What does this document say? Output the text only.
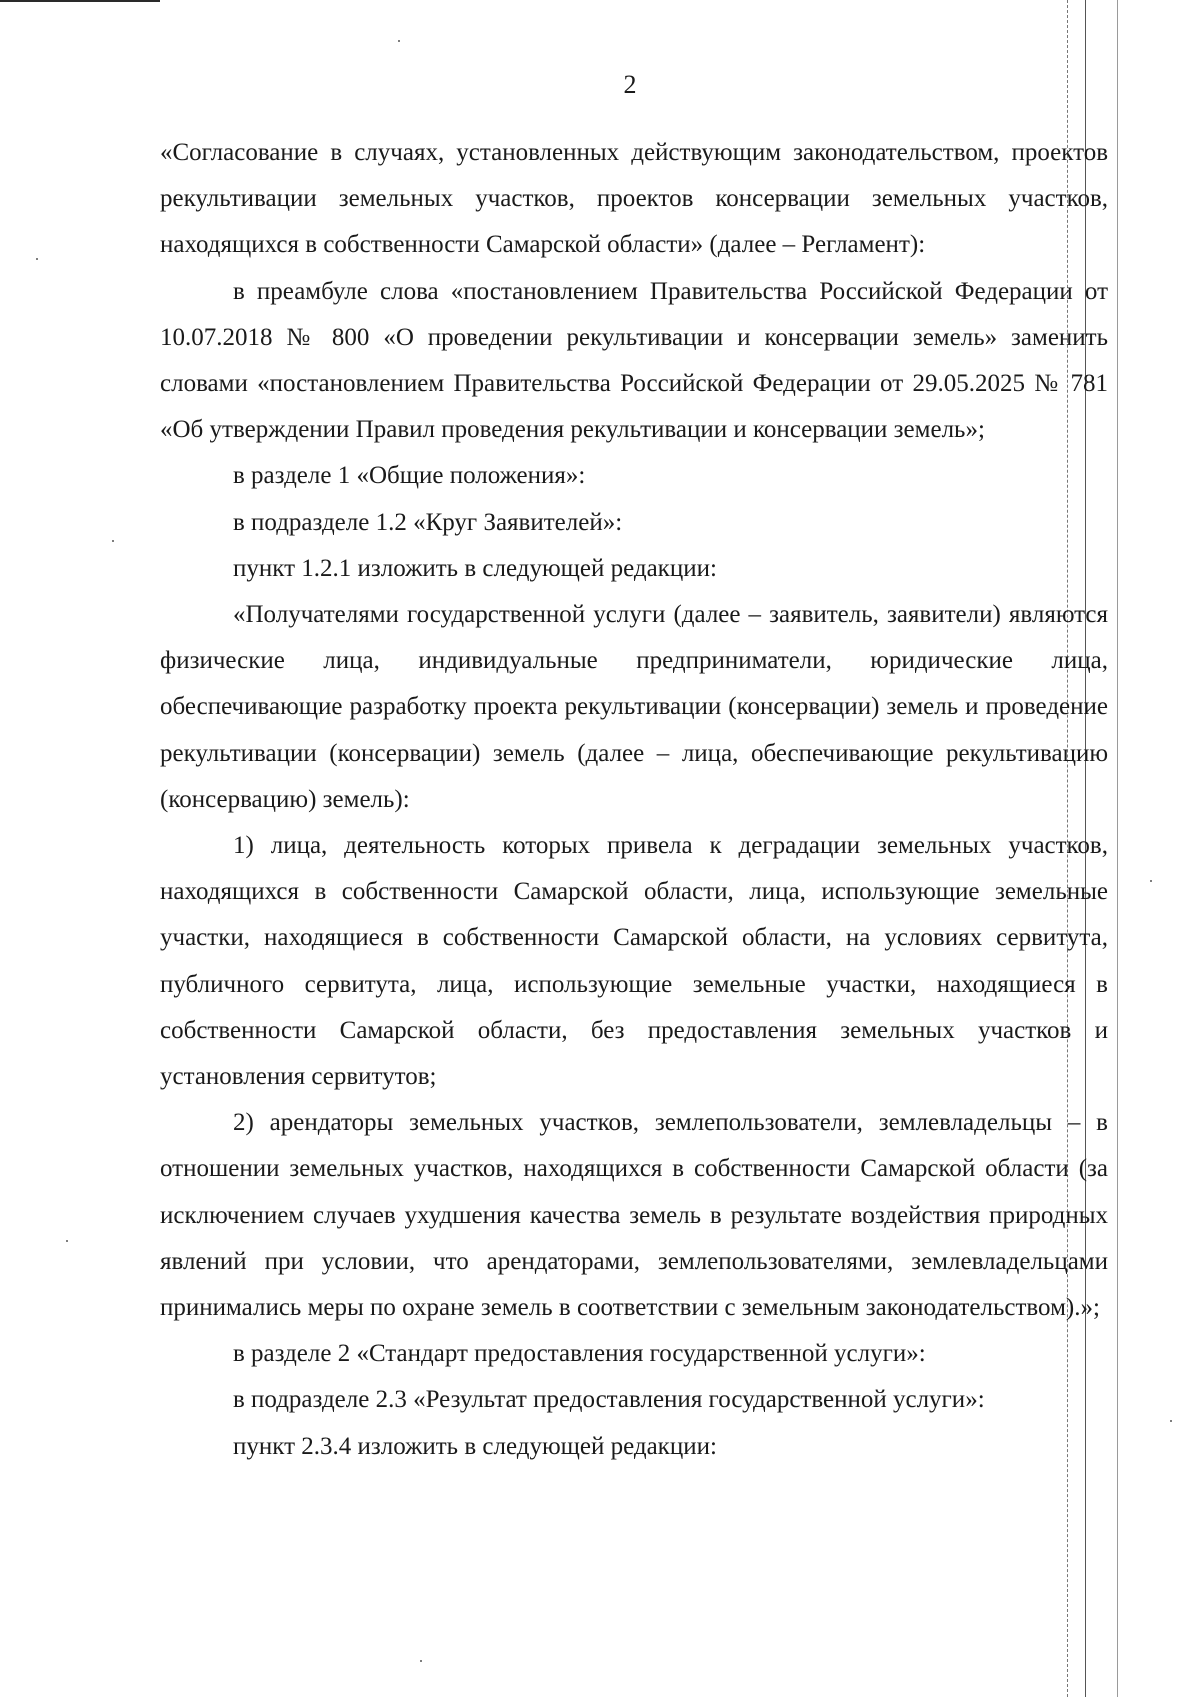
2

«Согласование в случаях, установленных действующим законодательством, проектов рекультивации земельных участков, проектов консервации земельных участков, находящихся в собственности Самарской области» (далее – Регламент):

в преамбуле слова «постановлением Правительства Российской Федерации от 10.07.2018 № 800 «О проведении рекультивации и консервации земель» заменить словами «постановлением Правительства Российской Федерации от 29.05.2025 № 781 «Об утверждении Правил проведения рекультивации и консервации земель»;

в разделе 1 «Общие положения»:

в подразделе 1.2 «Круг Заявителей»:

пункт 1.2.1 изложить в следующей редакции:

«Получателями государственной услуги (далее – заявитель, заявители) являются физические лица, индивидуальные предприниматели, юридические лица, обеспечивающие разработку проекта рекультивации (консервации) земель и проведение рекультивации (консервации) земель (далее – лица, обеспечивающие рекультивацию (консервацию) земель):

1) лица, деятельность которых привела к деградации земельных участков, находящихся в собственности Самарской области, лица, использующие земельные участки, находящиеся в собственности Самарской области, на условиях сервитута, публичного сервитута, лица, использующие земельные участки, находящиеся в собственности Самарской области, без предоставления земельных участков и установления сервитутов;

2) арендаторы земельных участков, землепользователи, землевладельцы – в отношении земельных участков, находящихся в собственности Самарской области (за исключением случаев ухудшения качества земель в результате воздействия природных явлений при условии, что арендаторами, землепользователями, землевладельцами принимались меры по охране земель в соответствии с земельным законодательством).»;

в разделе 2 «Стандарт предоставления государственной услуги»:

в подразделе 2.3 «Результат предоставления государственной услуги»:

пункт 2.3.4 изложить в следующей редакции:
